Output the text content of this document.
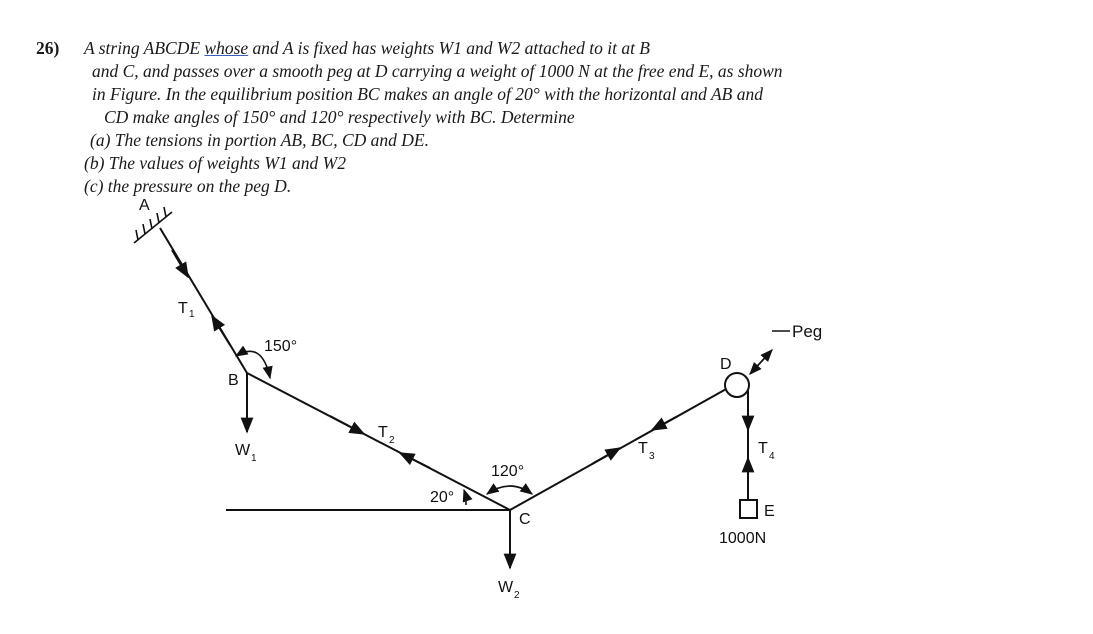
26) A string ABCDE whose and A is fixed has weights W1 and W2 attached to it at B
and C, and passes over a smooth peg at D carrying a weight of 1000 N at the free end E, as shown
in Figure. In the equilibrium position BC makes an angle of 20° with the horizontal and AB and
CD make angles of 150° and 120° respectively with BC. Determine
(a) The tensions in portion AB, BC, CD and DE.
(b) The values of weights W1 and W2
(c) the pressure on the peg D.
A
B
C
D
E
T 1
T 2	T 3	T 4
W 1
W 2
150°
120°
20°
Peg
1000N
